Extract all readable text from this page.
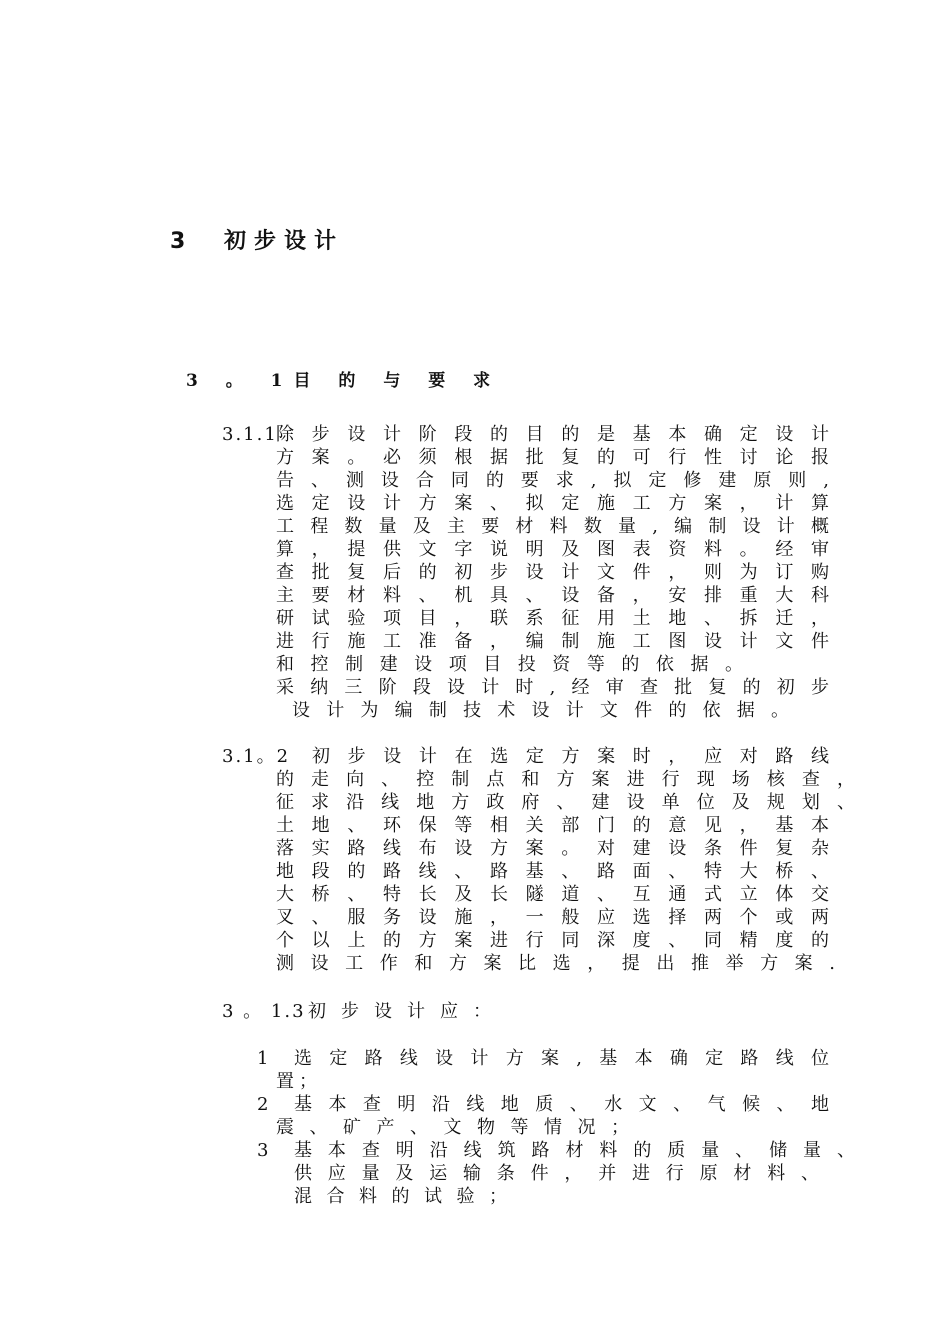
3 初步设计
3 。 1目 的 与 要 求
3.1.1
除步设计阶段的目的是基本确定设计
方案。必须根据批复的可行性讨论报
告、测设合同的要求,拟定修建原则,
选定设计方案、拟定施工方案，计算
工程数量及主要材料数量,编制设计概
算，提供文字说明及图表资料。经审
查批复后的初步设计文件，则为订购
主要材料、机具、设备，安排重大科
研试验项目，联系征用土地、拆迁，
进行施工准备，编制施工图设计文件
和控制建设项目投资等的依据。
采纳三阶段设计时,经审查批复的初步
设计为编制技术设计文件的依据。
3.1。2 初步设计在选定方案时，应对路线
的走向、控制点和方案进行现场核查，
征求沿线地方政府、建设单位及规划、
土地、环保等相关部门的意见，基本
落实路线布设方案。对建设条件复杂
地段的路线、路基、路面、特大桥、
大桥、特长及长隧道、互通式立体交
叉、服务设施，一般应选择两个或两
个以上的方案进行同深度、同精度的
测设工作和方案比选，提出推举方案.
3 。 1.3 初步设计应：
1 选定路线设计方案,基本确定路线位
置；
2 基本查明沿线地质、水文、气候、地
震、矿产、文物等情况；
3 基本查明沿线筑路材料的质量、储量、
供应量及运输条件，并进行原材料、
混合料的试验；
